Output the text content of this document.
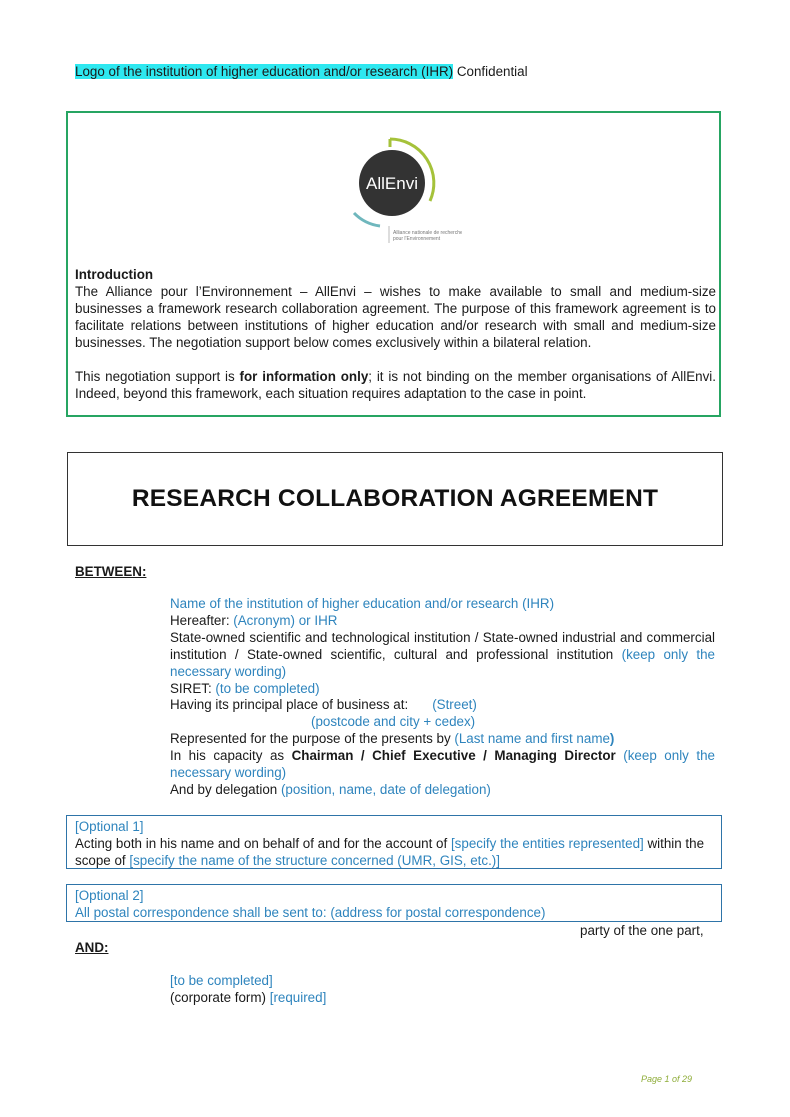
Logo of the institution of higher education and/or research (IHR) Confidential
AllEnvi
Alliance nationale de recherche
pour l'Environnement

Introduction

The Alliance pour l’Environnement – AllEnvi – wishes to make available to small and medium-size businesses a framework research collaboration agreement. The purpose of this framework agreement is to facilitate relations between institutions of higher education and/or research with small and medium-size businesses. The negotiation support below comes exclusively within a bilateral relation.

This negotiation support is for information only; it is not binding on the member organisations of AllEnvi. Indeed, beyond this framework, each situation requires adaptation to the case in point.

RESEARCH COLLABORATION AGREEMENT
BETWEEN:
Name of the institution of higher education and/or research (IHR)
Hereafter: (Acronym) or IHR
State-owned scientific and technological institution / State-owned industrial and commercial institution / State-owned scientific, cultural and professional institution (keep only the necessary wording)
SIRET: (to be completed)
Having its principal place of business at: (Street)
(postcode and city + cedex)
Represented for the purpose of the presents by (Last name and first name)
In his capacity as Chairman / Chief Executive / Managing Director (keep only the necessary wording)
And by delegation (position, name, date of delegation)
[Optional 1]
Acting both in his name and on behalf of and for the account of [specify the entities represented] within the scope of [specify the name of the structure concerned (UMR, GIS, etc.)]
[Optional 2]
All postal correspondence shall be sent to: (address for postal correspondence)
party of the one part,
AND:
[to be completed]
(corporate form) [required]
Page 1 of 29
